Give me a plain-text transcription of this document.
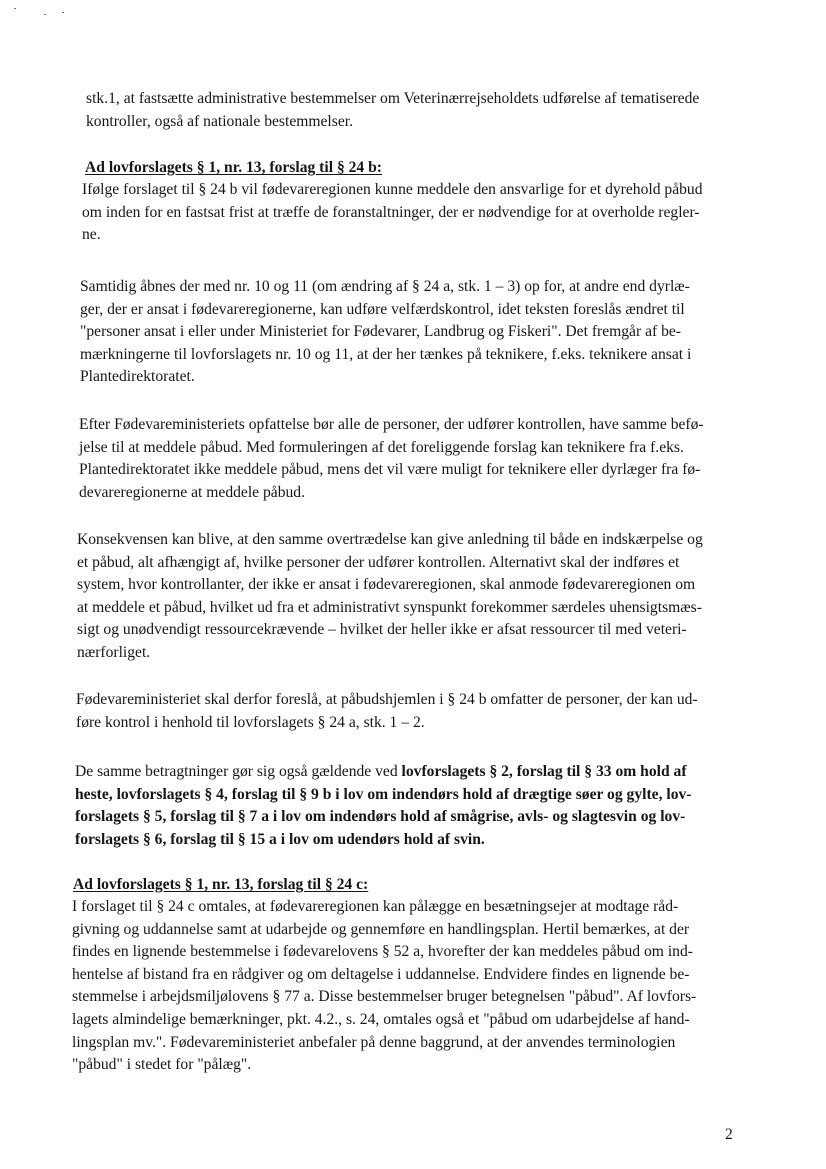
stk.1, at fastsætte administrative bestemmelser om Veterinærrejseholdets udførelse af tematiserede
kontroller, også af nationale bestemmelser.
Ad lovforslagets § 1, nr. 13, forslag til § 24 b:
Ifølge forslaget til § 24 b vil fødevareregionen kunne meddele den ansvarlige for et dyrehold påbud
om inden for en fastsat frist at træffe de foranstaltninger, der er nødvendige for at overholde regler-
ne.
Samtidig åbnes der med nr. 10 og 11 (om ændring af § 24 a, stk. 1 – 3) op for, at andre end dyrlæ-
ger, der er ansat i fødevareregionerne, kan udføre velfærdskontrol, idet teksten foreslås ændret til
"personer ansat i eller under Ministeriet for Fødevarer, Landbrug og Fiskeri". Det fremgår af be-
mærkningerne til lovforslagets nr. 10 og 11, at der her tænkes på teknikere, f.eks. teknikere ansat i
Plantedirektoratet.
Efter Fødevareministeriets opfattelse bør alle de personer, der udfører kontrollen, have samme befø-
jelse til at meddele påbud. Med formuleringen af det foreliggende forslag kan teknikere fra f.eks.
Plantedirektoratet ikke meddele påbud, mens det vil være muligt for teknikere eller dyrlæger fra fø-
devareregionerne at meddele påbud.
Konsekvensen kan blive, at den samme overtrædelse kan give anledning til både en indskærpelse og
et påbud, alt afhængigt af, hvilke personer der udfører kontrollen. Alternativt skal der indføres et
system, hvor kontrollanter, der ikke er ansat i fødevareregionen, skal anmode fødevareregionen om
at meddele et påbud, hvilket ud fra et administrativt synspunkt forekommer særdeles uhensigtsmæs-
sigt og unødvendigt ressourcekrævende – hvilket der heller ikke er afsat ressourcer til med veteri-
nærforliget.
Fødevareministeriet skal derfor foreslå, at påbudshjemlen i § 24 b omfatter de personer, der kan ud-
føre kontrol i henhold til lovforslagets § 24 a, stk. 1 – 2.
De samme betragtninger gør sig også gældende ved lovforslagets § 2, forslag til § 33 om hold af
heste, lovforslagets § 4, forslag til § 9 b i lov om indendørs hold af drægtige søer og gylte, lov-
forslagets § 5, forslag til § 7 a i lov om indendørs hold af smågrise, avls- og slagtesvin og lov-
forslagets § 6, forslag til § 15 a i lov om udendørs hold af svin.
Ad lovforslagets § 1, nr. 13, forslag til § 24 c:
I forslaget til § 24 c omtales, at fødevareregionen kan pålægge en besætningsejer at modtage råd-
givning og uddannelse samt at udarbejde og gennemføre en handlingsplan. Hertil bemærkes, at der
findes en lignende bestemmelse i fødevarelovens § 52 a, hvorefter der kan meddeles påbud om ind-
hentelse af bistand fra en rådgiver og om deltagelse i uddannelse. Endvidere findes en lignende be-
stemmelse i arbejdsmiljølovens § 77 a. Disse bestemmelser bruger betegnelsen "påbud". Af lovfors-
lagets almindelige bemærkninger, pkt. 4.2., s. 24, omtales også et "påbud om udarbejdelse af hand-
lingsplan mv.". Fødevareministeriet anbefaler på denne baggrund, at der anvendes terminologien
"påbud" i stedet for "pålæg".
2
